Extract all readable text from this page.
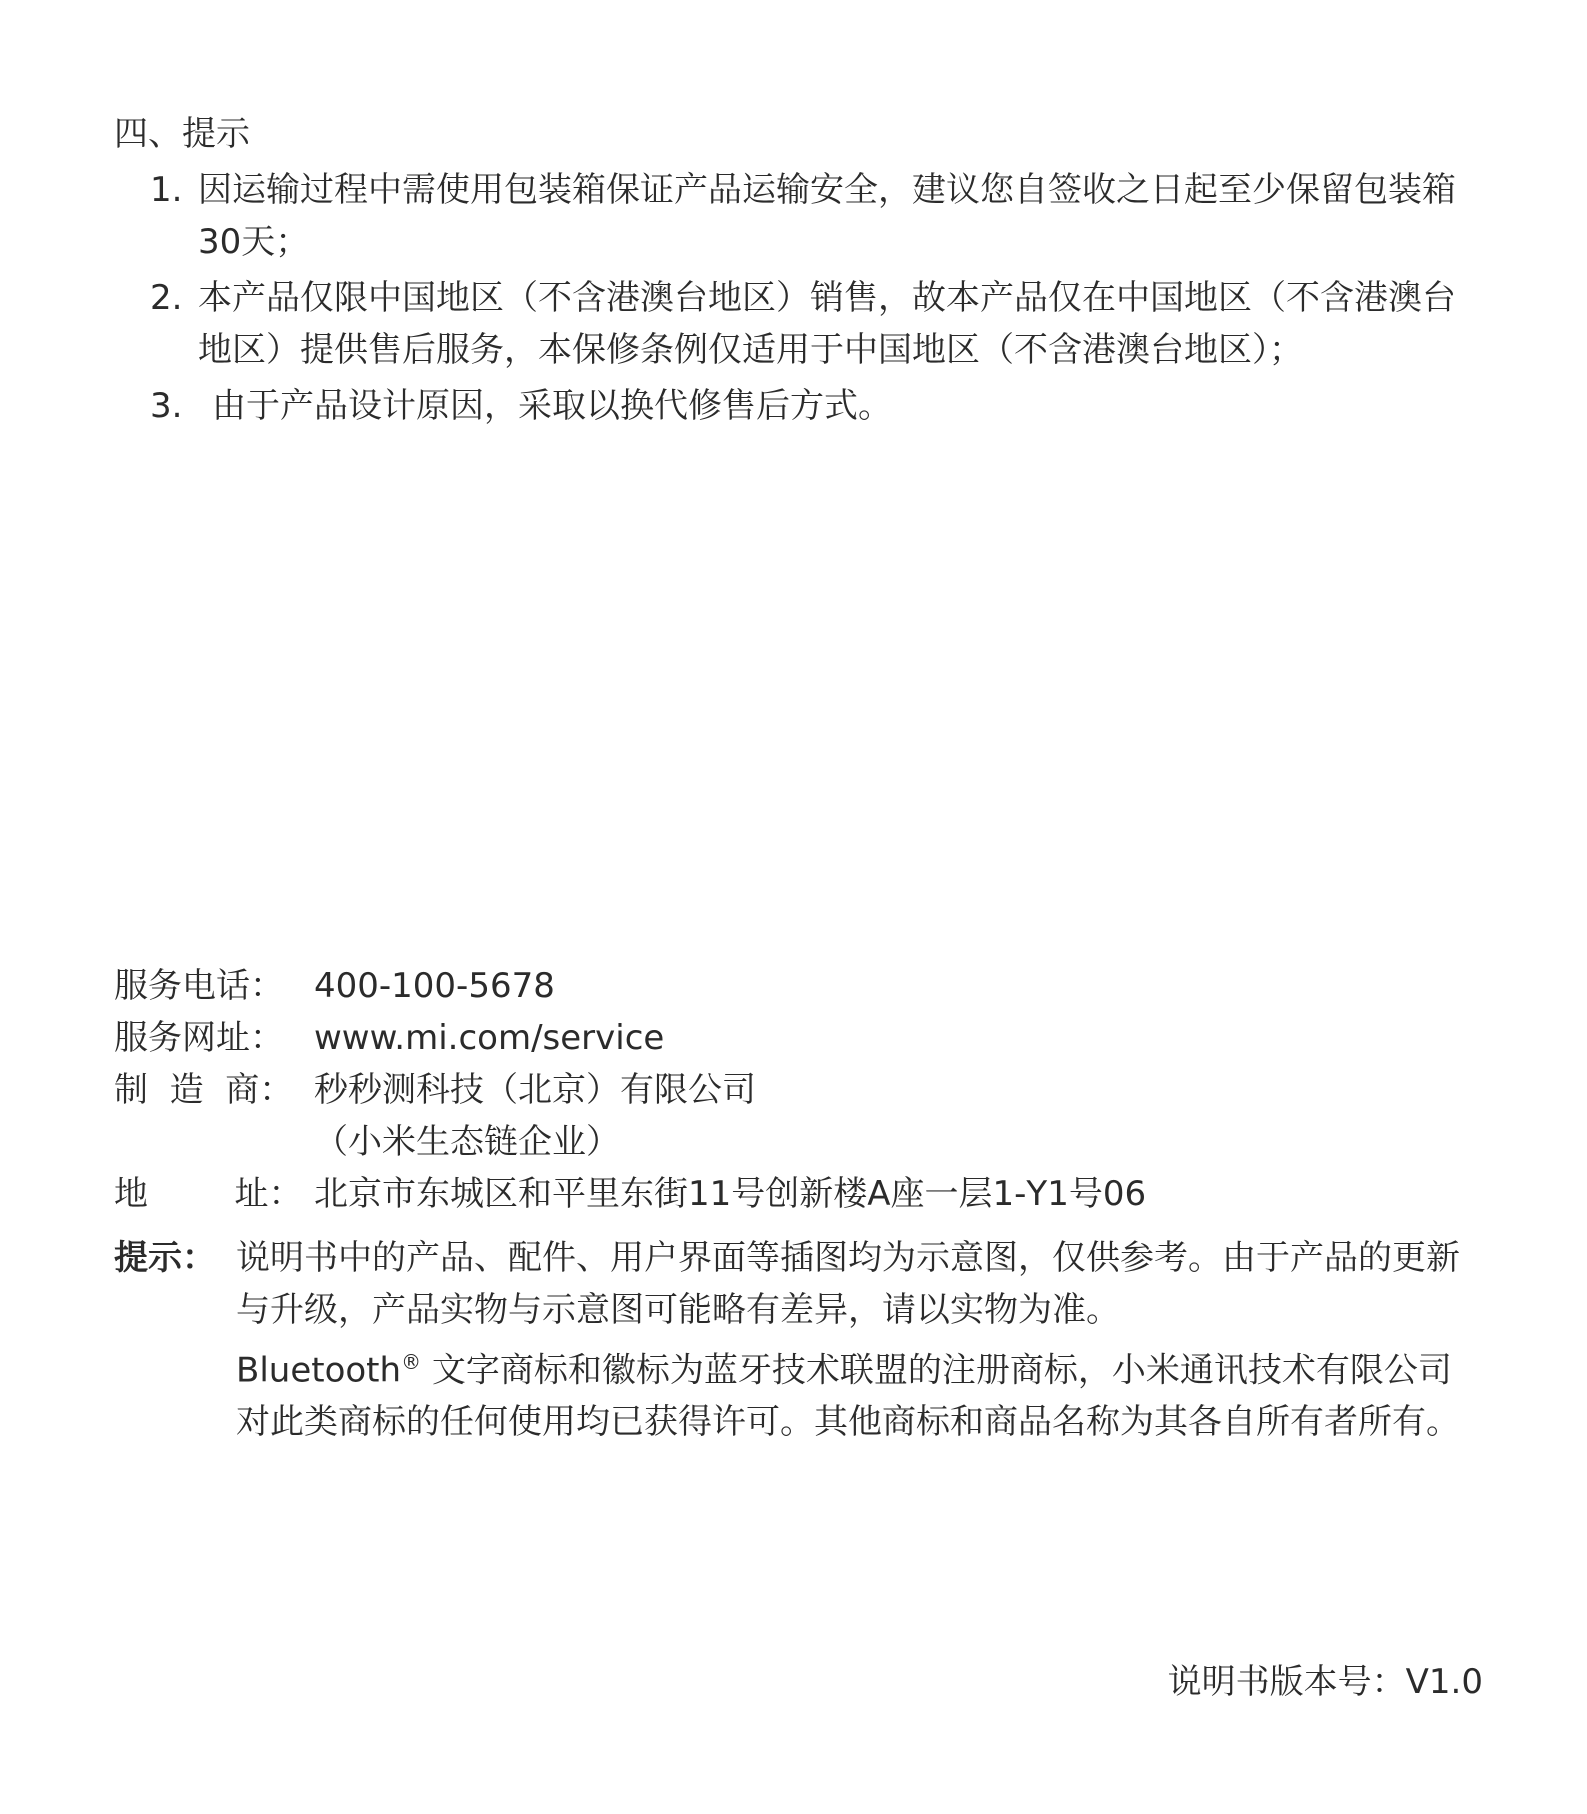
四、提示
1. 因运输过程中需使用包装箱保证产品运输安全，建议您自签收之日起至少保留包装箱30天；
2. 本产品仅限中国地区（不含港澳台地区）销售，故本产品仅在中国地区（不含港澳台地区）提供售后服务，本保修条例仅适用于中国地区（不含港澳台地区）；
3. 由于产品设计原因，采取以换代修售后方式。
服务电话： 400-100-5678
服务网址： www.mi.com/service
制  造  商： 秒秒测科技（北京）有限公司
（小米生态链企业）
地        址： 北京市东城区和平里东街11号创新楼A座一层1-Y1号06
提示： 说明书中的产品、配件、用户界面等插图均为示意图，仅供参考。由于产品的更新与升级，产品实物与示意图可能略有差异，请以实物为准。

Bluetooth® 文字商标和徽标为蓝牙技术联盟的注册商标，小米通讯技术有限公司对此类商标的任何使用均已获得许可。其他商标和商品名称为其各自所有者所有。

说明书版本号：V1.0
